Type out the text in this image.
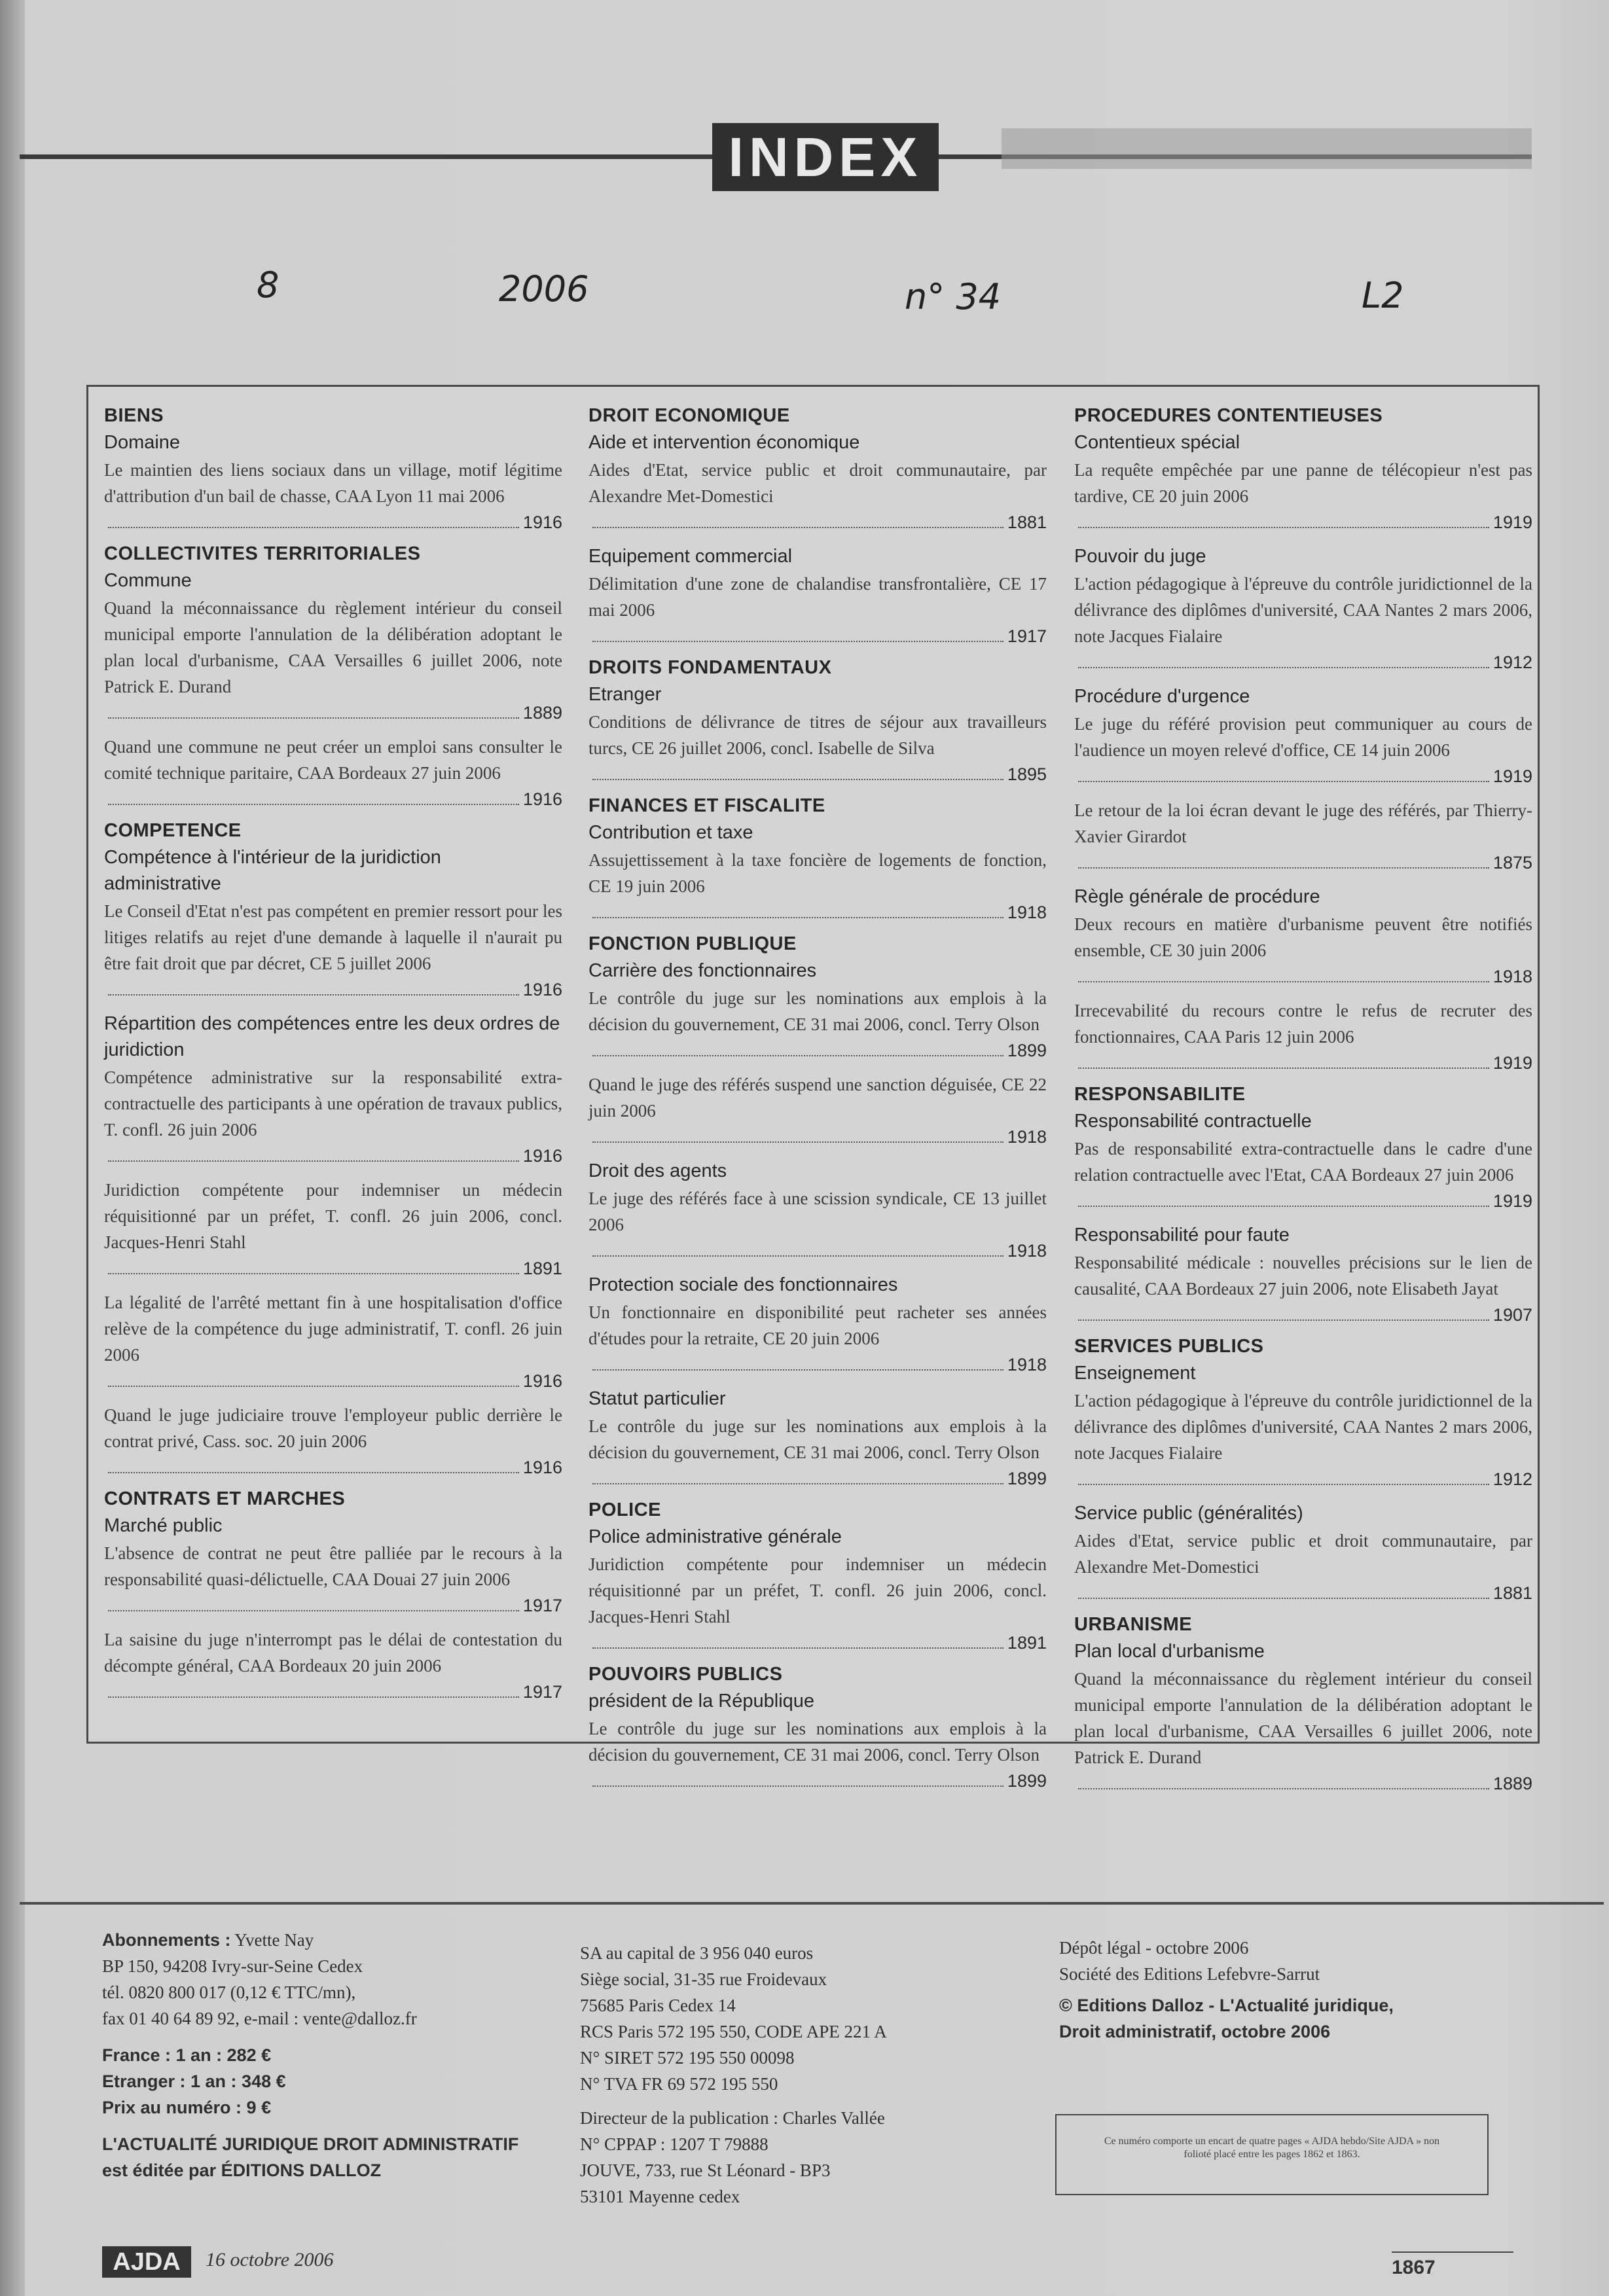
INDEX
8	2006	n° 34	L2
BIENS
Domaine
Le maintien des liens sociaux dans un village, motif légitime d'attribution d'un bail de chasse, CAA Lyon 11 mai 2006
1916
COLLECTIVITES TERRITORIALES
Commune
Quand la méconnaissance du règlement intérieur du conseil municipal emporte l'annulation de la délibération adoptant le plan local d'urbanisme, CAA Versailles 6 juillet 2006, note Patrick E. Durand
1889
Quand une commune ne peut créer un emploi sans consulter le comité technique paritaire, CAA Bordeaux 27 juin 2006
1916
COMPETENCE
Compétence à l'intérieur de la juridiction administrative
Le Conseil d'Etat n'est pas compétent en premier ressort pour les litiges relatifs au rejet d'une demande à laquelle il n'aurait pu être fait droit que par décret, CE 5 juillet 2006
1916
Répartition des compétences entre les deux ordres de juridiction
Compétence administrative sur la responsabilité extra-contractuelle des participants à une opération de travaux publics, T. confl. 26 juin 2006
1916
Juridiction compétente pour indemniser un médecin réquisitionné par un préfet, T. confl. 26 juin 2006, concl. Jacques-Henri Stahl
1891
La légalité de l'arrêté mettant fin à une hospitalisation d'office relève de la compétence du juge administratif, T. confl. 26 juin 2006
1916
Quand le juge judiciaire trouve l'employeur public derrière le contrat privé, Cass. soc. 20 juin 2006
1916
CONTRATS ET MARCHES
Marché public
L'absence de contrat ne peut être palliée par le recours à la responsabilité quasi-délictuelle, CAA Douai 27 juin 2006
1917
La saisine du juge n'interrompt pas le délai de contestation du décompte général, CAA Bordeaux 20 juin 2006
1917
DROIT ECONOMIQUE
Aide et intervention économique
Aides d'Etat, service public et droit communautaire, par Alexandre Met-Domestici
1881
Equipement commercial
Délimitation d'une zone de chalandise transfrontalière, CE 17 mai 2006
1917
DROITS FONDAMENTAUX
Etranger
Conditions de délivrance de titres de séjour aux travailleurs turcs, CE 26 juillet 2006, concl. Isabelle de Silva
1895
FINANCES ET FISCALITE
Contribution et taxe
Assujettissement à la taxe foncière de logements de fonction, CE 19 juin 2006
1918
FONCTION PUBLIQUE
Carrière des fonctionnaires
Le contrôle du juge sur les nominations aux emplois à la décision du gouvernement, CE 31 mai 2006, concl. Terry Olson
1899
Quand le juge des référés suspend une sanction déguisée, CE 22 juin 2006
1918
Droit des agents
Le juge des référés face à une scission syndicale, CE 13 juillet 2006
1918
Protection sociale des fonctionnaires
Un fonctionnaire en disponibilité peut racheter ses années d'études pour la retraite, CE 20 juin 2006
1918
Statut particulier
Le contrôle du juge sur les nominations aux emplois à la décision du gouvernement, CE 31 mai 2006, concl. Terry Olson
1899
POLICE
Police administrative générale
Juridiction compétente pour indemniser un médecin réquisitionné par un préfet, T. confl. 26 juin 2006, concl. Jacques-Henri Stahl
1891
POUVOIRS PUBLICS
président de la République
Le contrôle du juge sur les nominations aux emplois à la décision du gouvernement, CE 31 mai 2006, concl. Terry Olson
1899
PROCEDURES CONTENTIEUSES
Contentieux spécial
La requête empêchée par une panne de télécopieur n'est pas tardive, CE 20 juin 2006
1919
Pouvoir du juge
L'action pédagogique à l'épreuve du contrôle juridictionnel de la délivrance des diplômes d'université, CAA Nantes 2 mars 2006, note Jacques Fialaire
1912
Procédure d'urgence
Le juge du référé provision peut communiquer au cours de l'audience un moyen relevé d'office, CE 14 juin 2006
1919
Le retour de la loi écran devant le juge des référés, par Thierry-Xavier Girardot
1875
Règle générale de procédure
Deux recours en matière d'urbanisme peuvent être notifiés ensemble, CE 30 juin 2006
1918
Irrecevabilité du recours contre le refus de recruter des fonctionnaires, CAA Paris 12 juin 2006
1919
RESPONSABILITE
Responsabilité contractuelle
Pas de responsabilité extra-contractuelle dans le cadre d'une relation contractuelle avec l'Etat, CAA Bordeaux 27 juin 2006
1919
Responsabilité pour faute
Responsabilité médicale : nouvelles précisions sur le lien de causalité, CAA Bordeaux 27 juin 2006, note Elisabeth Jayat
1907
SERVICES PUBLICS
Enseignement
L'action pédagogique à l'épreuve du contrôle juridictionnel de la délivrance des diplômes d'université, CAA Nantes 2 mars 2006, note Jacques Fialaire
1912
Service public (généralités)
Aides d'Etat, service public et droit communautaire, par Alexandre Met-Domestici
1881
URBANISME
Plan local d'urbanisme
Quand la méconnaissance du règlement intérieur du conseil municipal emporte l'annulation de la délibération adoptant le plan local d'urbanisme, CAA Versailles 6 juillet 2006, note Patrick E. Durand
1889
Abonnements : Yvette Nay
BP 150, 94208 Ivry-sur-Seine Cedex
tél. 0820 800 017 (0,12 € TTC/mn),
fax 01 40 64 89 92, e-mail : vente@dalloz.fr
France : 1 an : 282 €
Etranger : 1 an : 348 €
Prix au numéro : 9 €
L'ACTUALITÉ JURIDIQUE DROIT ADMINISTRATIF
est éditée par ÉDITIONS DALLOZ
SA au capital de 3 956 040 euros
Siège social, 31-35 rue Froidevaux
75685 Paris Cedex 14
RCS Paris 572 195 550, CODE APE 221 A
N° SIRET 572 195 550 00098
N° TVA FR 69 572 195 550
Directeur de la publication : Charles Vallée
N° CPPAP : 1207 T 79888
JOUVE, 733, rue St Léonard - BP3
53101 Mayenne cedex
Dépôt légal - octobre 2006
Société des Editions Lefebvre-Sarrut
© Editions Dalloz - L'Actualité juridique,
Droit administratif, octobre 2006
Ce numéro comporte un encart de quatre pages « AJDA hebdo/Site AJDA » non folioté placé entre les pages 1862 et 1863.
AJDA	16 octobre 2006	1867
